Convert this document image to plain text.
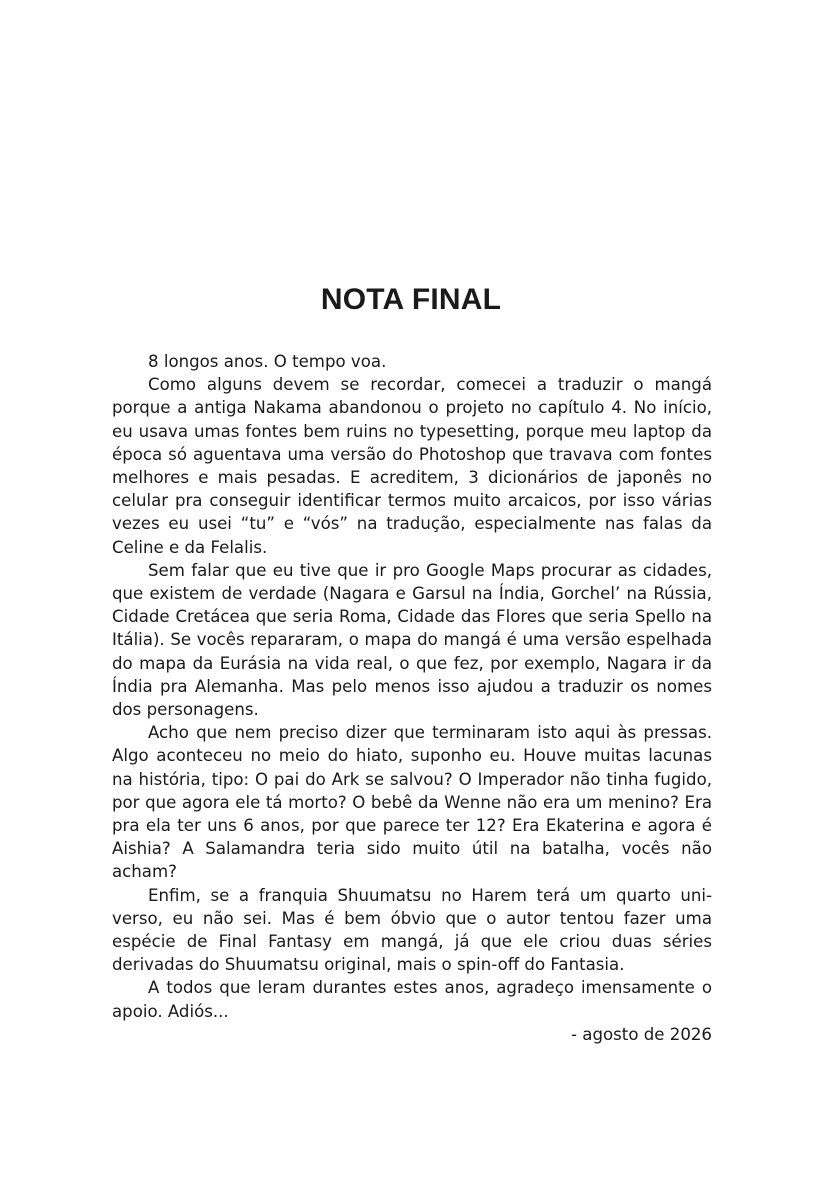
NOTA FINAL

8 longos anos. O tempo voa.

Como alguns devem se recordar, comecei a traduzir o mangá porque a antiga Nakama abandonou o projeto no capítulo 4. No início, eu usava umas fontes bem ruins no typesetting, porque meu laptop da época só aguentava uma versão do Photoshop que travava com fontes melhores e mais pesadas. E acreditem, 3 dicionários de japonês no celular pra conseguir identificar termos muito arcaicos, por isso várias vezes eu usei “tu” e “vós” na tradução, especialmente nas falas da Celine e da Felalis.

Sem falar que eu tive que ir pro Google Maps procurar as cidades, que existem de verdade (Nagara e Garsul na Índia, Gorchel’ na Rússia, Cidade Cretácea que seria Roma, Cidade das Flores que seria Spello na Itália). Se vocês repararam, o mapa do mangá é uma versão espelhada do mapa da Eurásia na vida real, o que fez, por exemplo, Nagara ir da Índia pra Alemanha. Mas pelo menos isso ajudou a traduzir os nomes dos personagens.

Acho que nem preciso dizer que terminaram isto aqui às pressas. Algo aconteceu no meio do hiato, suponho eu. Houve muitas lacunas na história, tipo: O pai do Ark se salvou? O Imperador não tinha fugido, por que agora ele tá morto? O bebê da Wenne não era um menino? Era pra ela ter uns 6 anos, por que parece ter 12? Era Ekaterina e agora é Aishia? A Salamandra teria sido muito útil na batalha, vocês não acham?

Enfim, se a franquia Shuumatsu no Harem terá um quarto universo, eu não sei. Mas é bem óbvio que o autor tentou fazer uma espécie de Final Fantasy em mangá, já que ele criou duas séries derivadas do Shuumatsu original, mais o spin-off do Fantasia.

A todos que leram durantes estes anos, agradeço imensamente o apoio. Adiós...

- agosto de 2026
